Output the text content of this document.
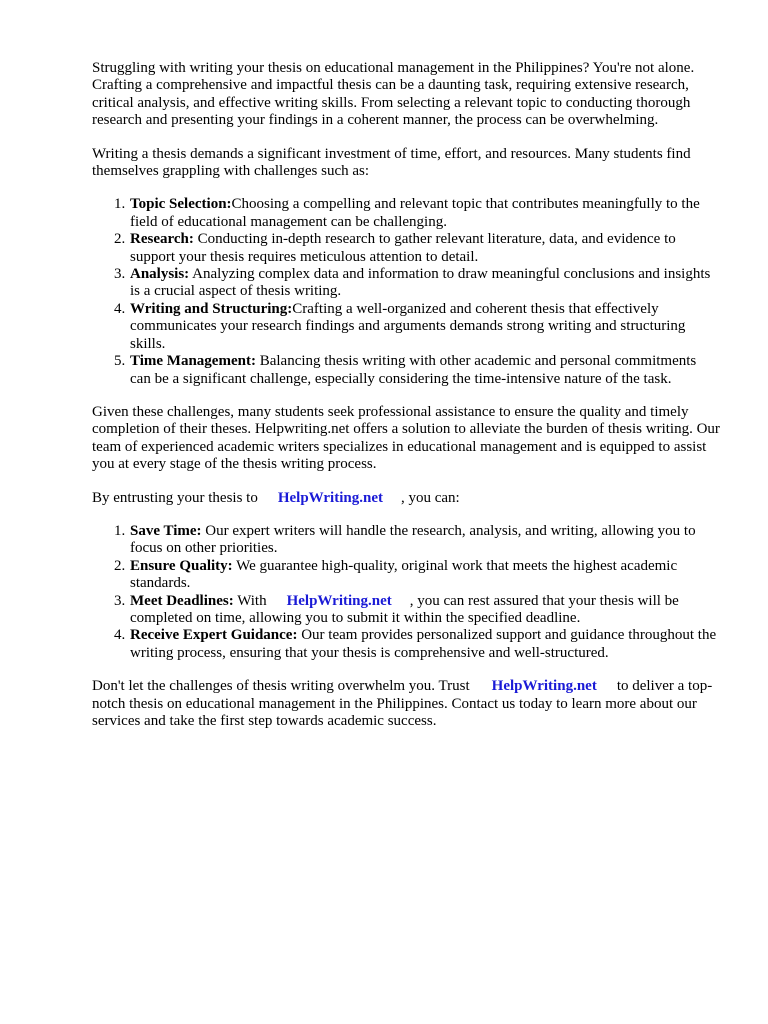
Struggling with writing your thesis on educational management in the Philippines? You're not alone. Crafting a comprehensive and impactful thesis can be a daunting task, requiring extensive research, critical analysis, and effective writing skills. From selecting a relevant topic to conducting thorough research and presenting your findings in a coherent manner, the process can be overwhelming.

Writing a thesis demands a significant investment of time, effort, and resources. Many students find themselves grappling with challenges such as:

1. Topic Selection:Choosing a compelling and relevant topic that contributes meaningfully to the field of educational management can be challenging.
2. Research: Conducting in-depth research to gather relevant literature, data, and evidence to support your thesis requires meticulous attention to detail.
3. Analysis: Analyzing complex data and information to draw meaningful conclusions and insights is a crucial aspect of thesis writing.
4. Writing and Structuring:Crafting a well-organized and coherent thesis that effectively communicates your research findings and arguments demands strong writing and structuring skills.
5. Time Management: Balancing thesis writing with other academic and personal commitments can be a significant challenge, especially considering the time-intensive nature of the task.

Given these challenges, many students seek professional assistance to ensure the quality and timely completion of their theses. Helpwriting.net offers a solution to alleviate the burden of thesis writing. Our team of experienced academic writers specializes in educational management and is equipped to assist you at every stage of the thesis writing process.

By entrusting your thesis to HelpWriting.net , you can:

1. Save Time: Our expert writers will handle the research, analysis, and writing, allowing you to focus on other priorities.
2. Ensure Quality: We guarantee high-quality, original work that meets the highest academic standards.
3. Meet Deadlines: With HelpWriting.net , you can rest assured that your thesis will be completed on time, allowing you to submit it within the specified deadline.
4. Receive Expert Guidance: Our team provides personalized support and guidance throughout the writing process, ensuring that your thesis is comprehensive and well-structured.

Don't let the challenges of thesis writing overwhelm you. Trust HelpWriting.net to deliver a top-notch thesis on educational management in the Philippines. Contact us today to learn more about our services and take the first step towards academic success.
